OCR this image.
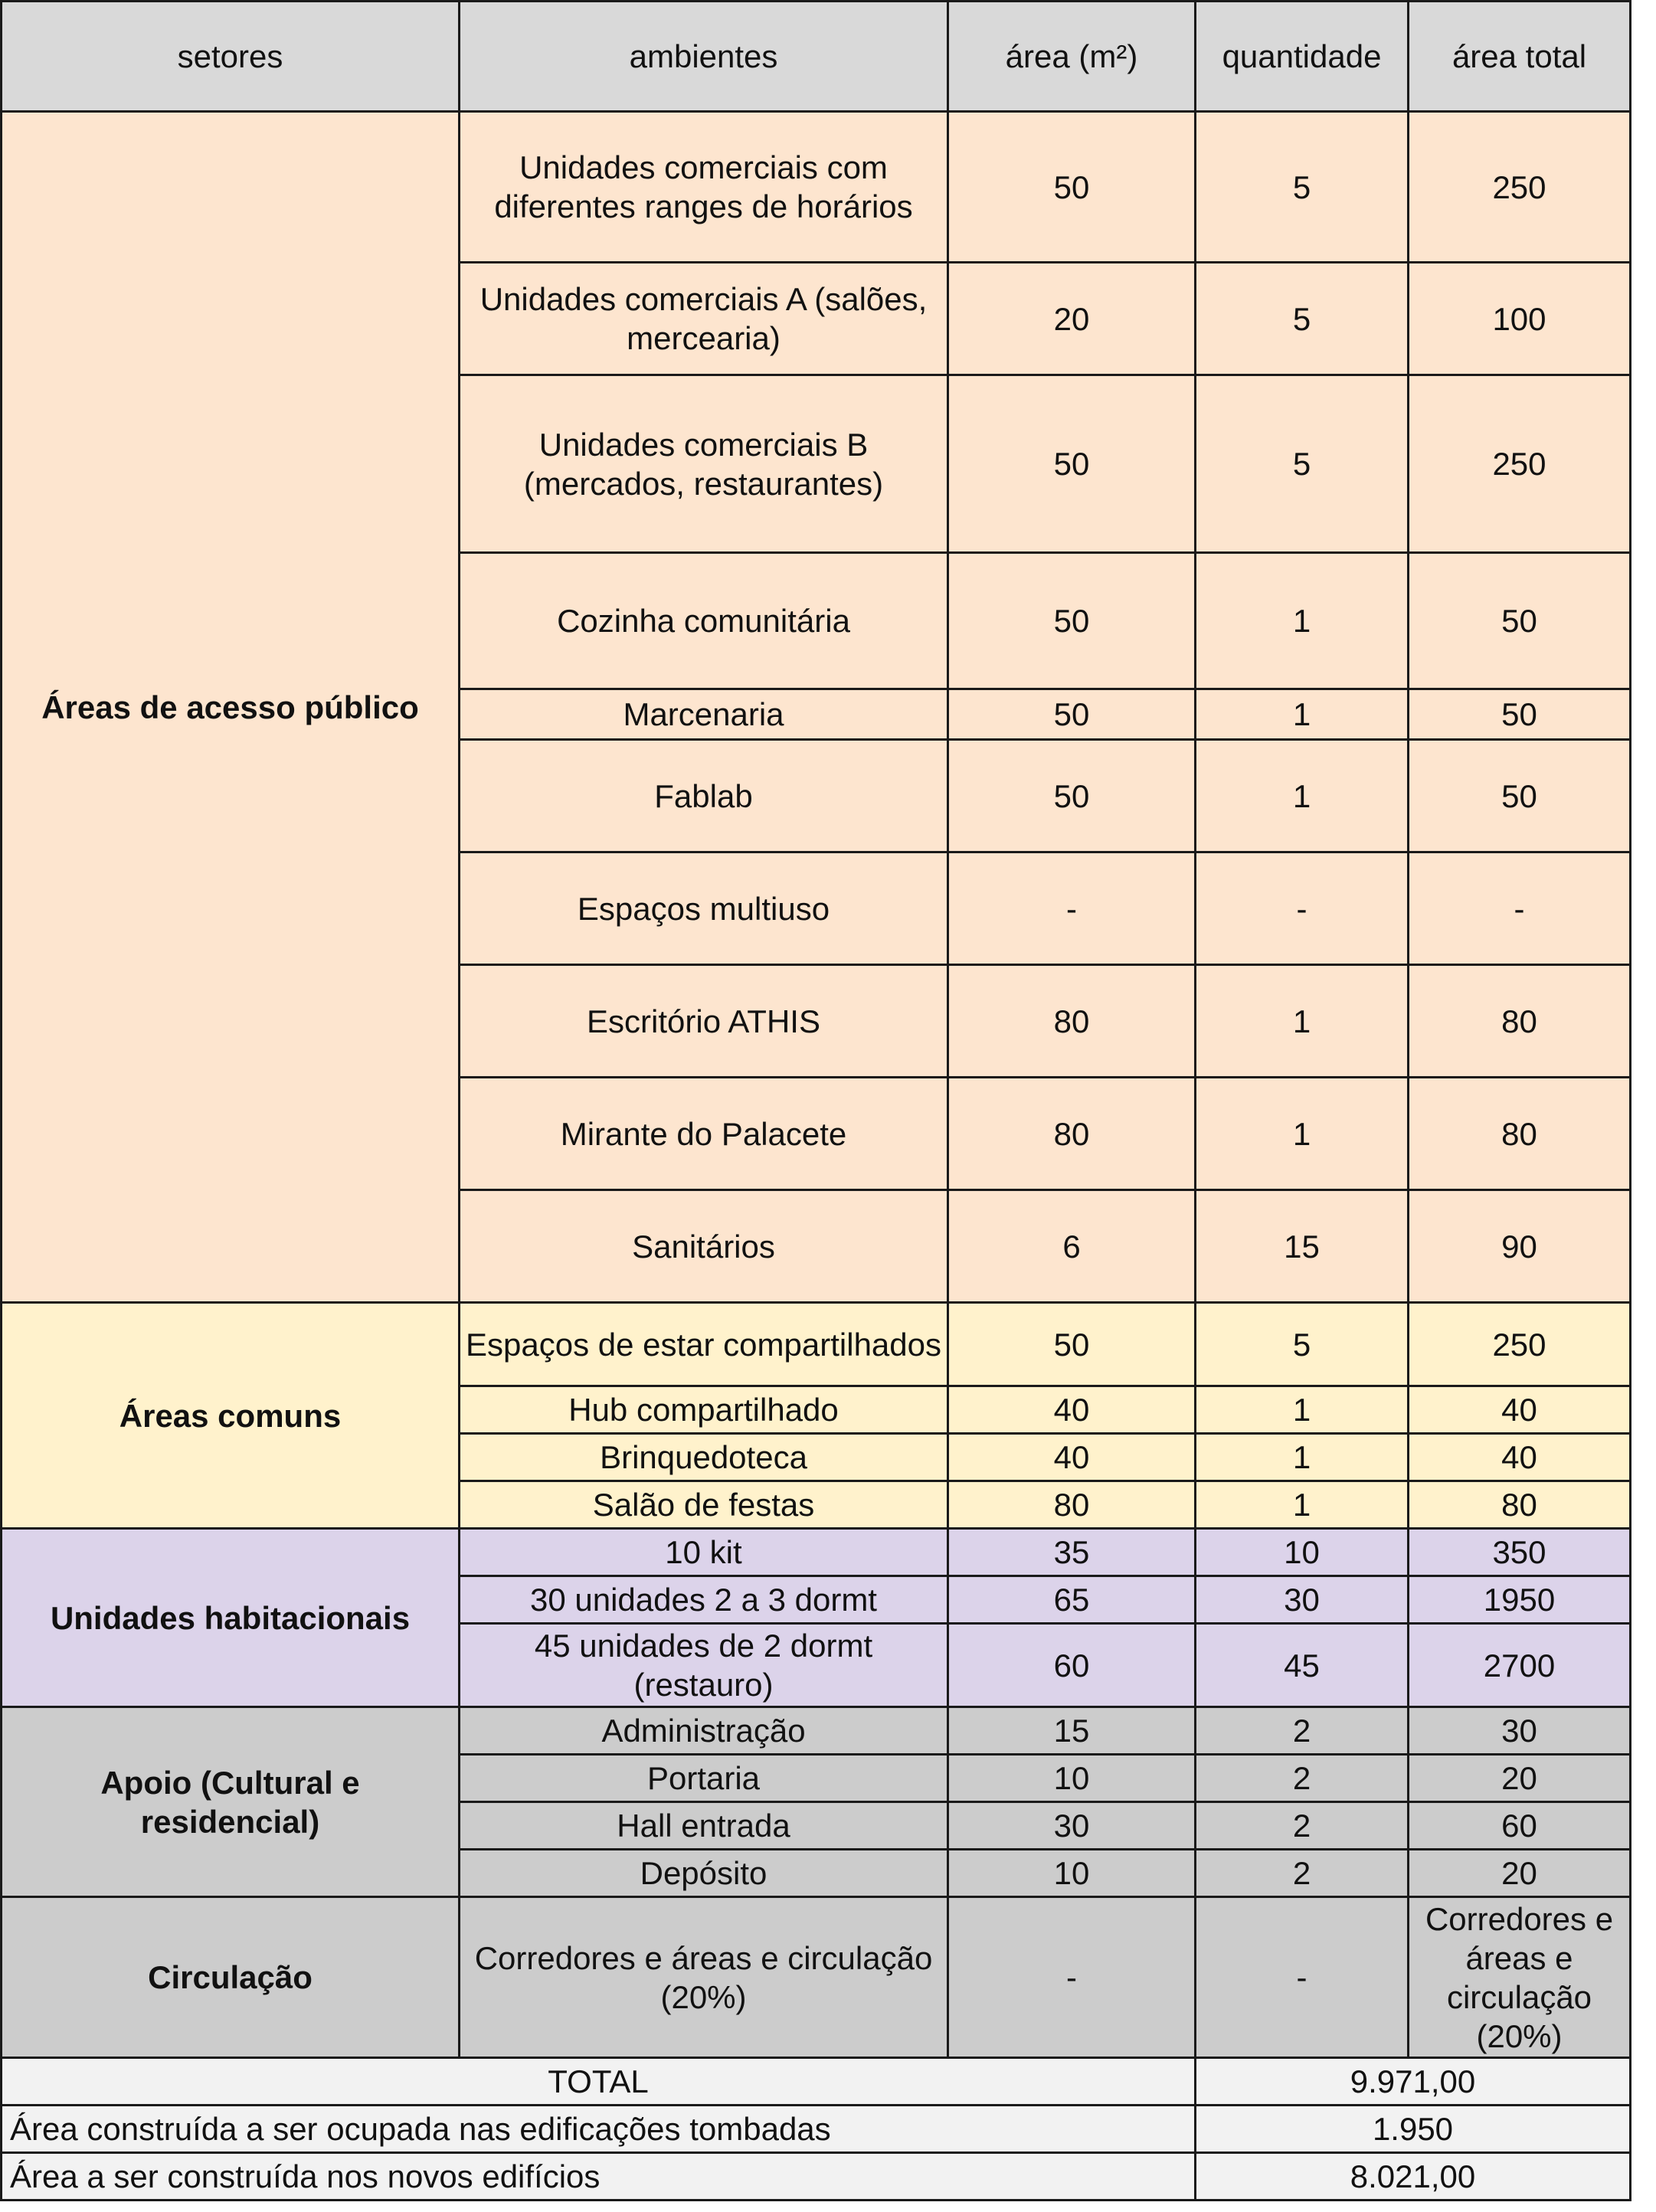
setores	ambientes	área (m²)	quantidade	área total
Áreas de acesso público	Unidades comerciais com diferentes ranges de horários	50	5	250
	Unidades comerciais A (salões, mercearia)	20	5	100
	Unidades comerciais B (mercados, restaurantes)	50	5	250
	Cozinha comunitária	50	1	50
	Marcenaria	50	1	50
	Fablab	50	1	50
	Espaços multiuso	-	-	-
	Escritório ATHIS	80	1	80
	Mirante do Palacete	80	1	80
	Sanitários	6	15	90
Áreas comuns	Espaços de estar compartilhados	50	5	250
	Hub compartilhado	40	1	40
	Brinquedoteca	40	1	40
	Salão de festas	80	1	80
Unidades habitacionais	10 kit	35	10	350
	30 unidades 2 a 3 dormt	65	30	1950
	45 unidades de 2 dormt (restauro)	60	45	2700
Apoio (Cultural e residencial)	Administração	15	2	30
	Portaria	10	2	20
	Hall entrada	30	2	60
	Depósito	10	2	20
Circulação	Corredores e áreas e circulação (20%)	-	-	Corredores e áreas e circulação (20%)
TOTAL			9.971,00	
Área construída a ser ocupada nas edificações tombadas			1.950	
Área a ser construída nos novos edifícios			8.021,00	
